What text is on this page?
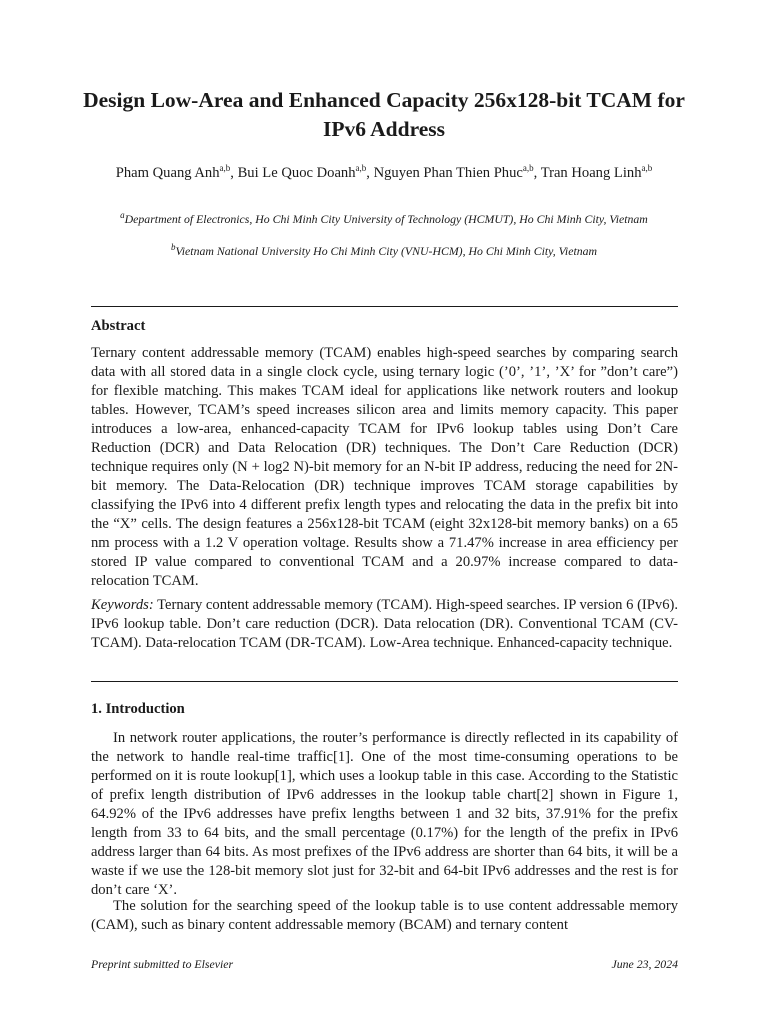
Design Low-Area and Enhanced Capacity 256x128-bit TCAM for IPv6 Address
Pham Quang Anh$^{a,b}$, Bui Le Quoc Doanh$^{a,b}$, Nguyen Phan Thien Phuc$^{a,b}$, Tran Hoang Linh$^{a,b}$
$^a$Department of Electronics, Ho Chi Minh City University of Technology (HCMUT), Ho Chi Minh City, Vietnam
$^b$Vietnam National University Ho Chi Minh City (VNU-HCM), Ho Chi Minh City, Vietnam
Abstract

Ternary content addressable memory (TCAM) enables high-speed searches by comparing search data with all stored data in a single clock cycle, using ternary logic (’0’, ’1’, ’X’ for ”don’t care”) for flexible matching. This makes TCAM ideal for applications like network routers and lookup tables. However, TCAM’s speed increases silicon area and limits memory capacity. This paper introduces a low-area, enhanced-capacity TCAM for IPv6 lookup tables using Don’t Care Reduction (DCR) and Data Relocation (DR) techniques. The Don’t Care Reduction (DCR) technique requires only (N + log2 N)-bit memory for an N-bit IP address, reducing the need for 2N-bit memory. The Data-Relocation (DR) technique improves TCAM storage capabilities by classifying the IPv6 into 4 different prefix length types and relocating the data in the prefix bit into the “X” cells. The design features a 256x128-bit TCAM (eight 32x128-bit memory banks) on a 65 nm process with a 1.2 V operation voltage. Results show a 71.47% increase in area efficiency per stored IP value compared to conventional TCAM and a 20.97% increase compared to data-relocation TCAM.

Keywords: Ternary content addressable memory (TCAM). High-speed searches. IP version 6 (IPv6). IPv6 lookup table. Don’t care reduction (DCR). Data relocation (DR). Conventional TCAM (CV-TCAM). Data-relocation TCAM (DR-TCAM). Low-Area technique. Enhanced-capacity technique.

1. Introduction

In network router applications, the router’s performance is directly reflected in its capability of the network to handle real-time traffic[1]. One of the most time-consuming operations to be performed on it is route lookup[1], which uses a lookup table in this case. According to the Statistic of prefix length distribution of IPv6 addresses in the lookup table chart[2] shown in Figure 1, 64.92% of the IPv6 addresses have prefix lengths between 1 and 32 bits, 37.91% for the prefix length from 33 to 64 bits, and the small percentage (0.17%) for the length of the prefix in IPv6 address larger than 64 bits. As most prefixes of the IPv6 address are shorter than 64 bits, it will be a waste if we use the 128-bit memory slot just for 32-bit and 64-bit IPv6 addresses and the rest is for don’t care ‘X’.

The solution for the searching speed of the lookup table is to use content addressable memory (CAM), such as binary content addressable memory (BCAM) and ternary content

Preprint submitted to Elsevier	June 23, 2024
